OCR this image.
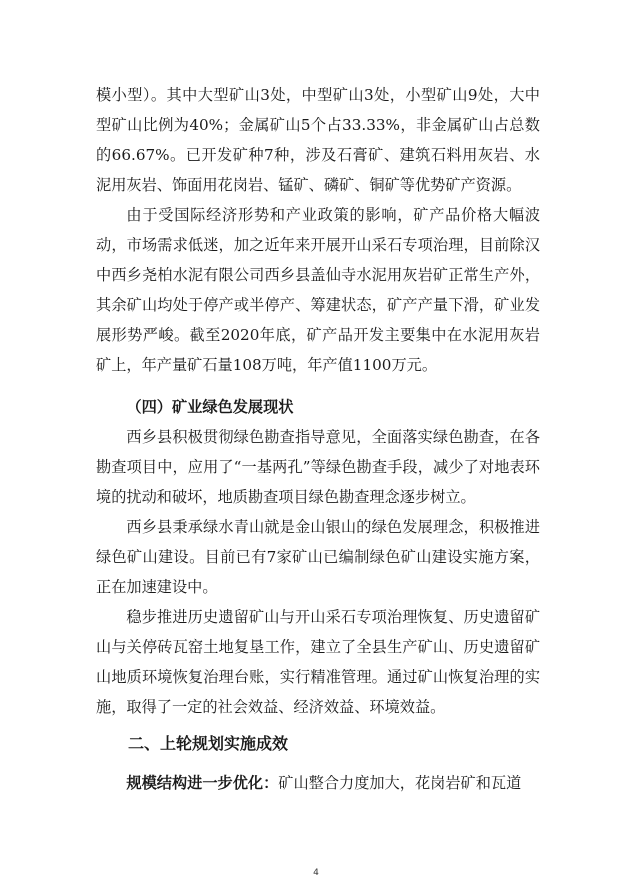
模小型）。其中大型矿山3处，中型矿山3处，小型矿山9处，大中型矿山比例为40%；金属矿山5个占33.33%，非金属矿山占总数的66.67%。已开发矿种7种，涉及石膏矿、建筑石料用灰岩、水泥用灰岩、饰面用花岗岩、锰矿、磷矿、铜矿等优势矿产资源。

由于受国际经济形势和产业政策的影响，矿产品价格大幅波动，市场需求低迷，加之近年来开展开山采石专项治理，目前除汉中西乡尧柏水泥有限公司西乡县盖仙寺水泥用灰岩矿正常生产外，其余矿山均处于停产或半停产、筹建状态，矿产产量下滑，矿业发展形势严峻。截至2020年底，矿产品开发主要集中在水泥用灰岩矿上，年产量矿石量108万吨，年产值1100万元。

（四）矿业绿色发展现状

西乡县积极贯彻绿色勘查指导意见，全面落实绿色勘查，在各勘查项目中，应用了“一基两孔”等绿色勘查手段，减少了对地表环境的扰动和破坏，地质勘查项目绿色勘查理念逐步树立。

西乡县秉承绿水青山就是金山银山的绿色发展理念，积极推进绿色矿山建设。目前已有7家矿山已编制绿色矿山建设实施方案，正在加速建设中。

稳步推进历史遗留矿山与开山采石专项治理恢复、历史遗留矿山与关停砖瓦窑土地复垦工作，建立了全县生产矿山、历史遗留矿山地质环境恢复治理台账，实行精准管理。通过矿山恢复治理的实施，取得了一定的社会效益、经济效益、环境效益。

二、上轮规划实施成效

规模结构进一步优化：矿山整合力度加大，花岗岩矿和瓦道

4
